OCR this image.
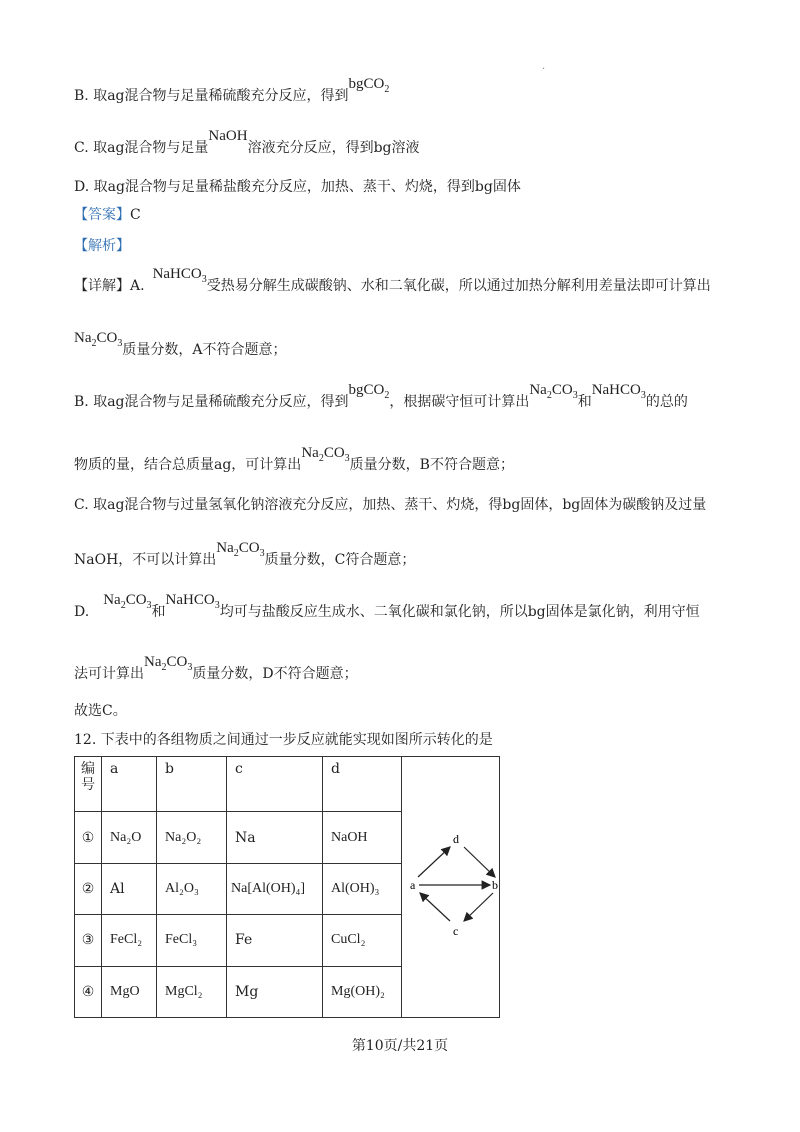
·
B. 取ag混合物与足量稀硫酸充分反应，得到bgCO$_2$
C. 取ag混合物与足量NaOH溶液充分反应，得到bg溶液
D. 取ag混合物与足量稀盐酸充分反应，加热、蒸干、灼烧，得到bg固体
【答案】C
【解析】
【详解】A.NaHCO$_3$受热易分解生成碳酸钠、水和二氧化碳，所以通过加热分解利用差量法即可计算出
$Na_2CO_3$质量分数，A不符合题意；
B. 取ag混合物与足量稀硫酸充分反应，得到bgCO$_2$，根据碳守恒可计算出$Na_2CO_3$和NaHCO$_3$的总的
物质的量，结合总质量ag，可计算出$Na_2CO_3$质量分数，B不符合题意；
C. 取ag混合物与过量氢氧化钠溶液充分反应，加热、蒸干、灼烧，得bg固体，bg固体为碳酸钠及过量
NaOH，不可以计算出$Na_2CO_3$质量分数，C符合题意；
$D.Na_2CO_3$和NaHCO$_3$均可与盐酸反应生成水、二氧化碳和氯化钠，所以bg固体是氯化钠，利用守恒
法可计算出$Na_2CO_3$质量分数，D不符合题意；
故选C。
12. 下表中的各组物质之间通过一步反应就能实现如图所示转化的是
编号	a	b	c	d	a b
d
c

①	Na₂O	Na₂O₂	Na	NaOH	
②	Al	Al₂O₃	Na[Al(OH)₄]	Al(OH)₃	
③	FeCl₂	FeCl₃	Fe	CuCl₂	
④	MgO	MgCl₂	Mg	Mg(OH)₂	
第10页/共21页
